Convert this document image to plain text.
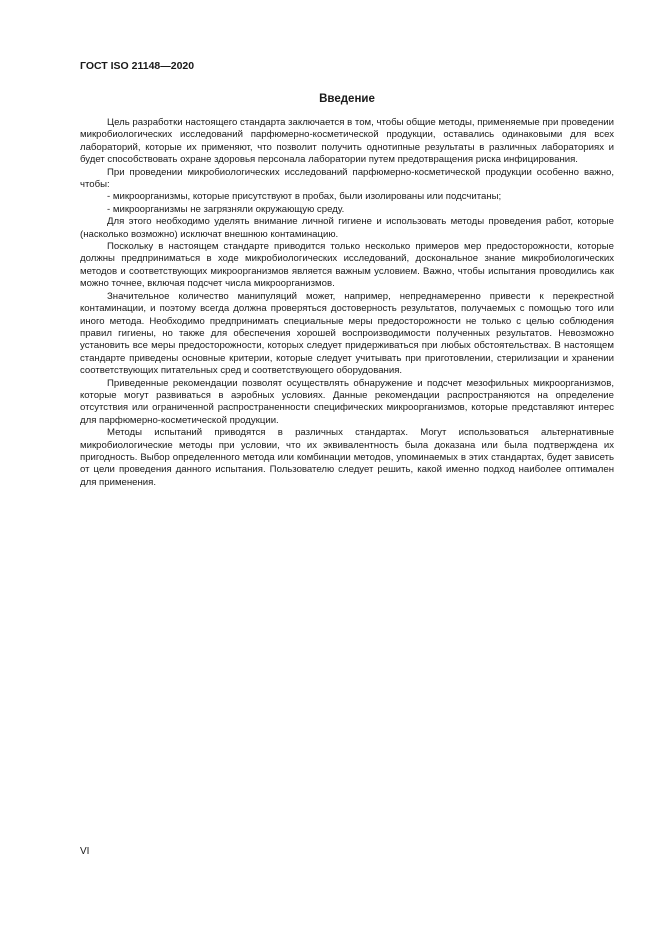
ГОСТ ISO 21148—2020
Введение

Цель разработки настоящего стандарта заключается в том, чтобы общие методы, применяемые при проведении микробиологических исследований парфюмерно-косметической продукции, оставались одинаковыми для всех лабораторий, которые их применяют, что позволит получить однотипные результаты в различных лабораториях и будет способствовать охране здоровья персонала лаборатории путем предотвращения риска инфицирования.

При проведении микробиологических исследований парфюмерно-косметической продукции особенно важно, чтобы:

- микроорганизмы, которые присутствуют в пробах, были изолированы или подсчитаны;

- микроорганизмы не загрязняли окружающую среду.

Для этого необходимо уделять внимание личной гигиене и использовать методы проведения работ, которые (насколько возможно) исключат внешнюю контаминацию.

Поскольку в настоящем стандарте приводится только несколько примеров мер предосторожности, которые должны предприниматься в ходе микробиологических исследований, доскональное знание микробиологических методов и соответствующих микроорганизмов является важным условием. Важно, чтобы испытания проводились как можно точнее, включая подсчет числа микроорганизмов.

Значительное количество манипуляций может, например, непреднамеренно привести к перекрестной контаминации, и поэтому всегда должна проверяться достоверность результатов, получаемых с помощью того или иного метода. Необходимо предпринимать специальные меры предосторожности не только с целью соблюдения правил гигиены, но также для обеспечения хорошей воспроизводимости полученных результатов. Невозможно установить все меры предосторожности, которых следует придерживаться при любых обстоятельствах. В настоящем стандарте приведены основные критерии, которые следует учитывать при приготовлении, стерилизации и хранении соответствующих питательных сред и соответствующего оборудования.

Приведенные рекомендации позволят осуществлять обнаружение и подсчет мезофильных микроорганизмов, которые могут развиваться в аэробных условиях. Данные рекомендации распространяются на определение отсутствия или ограниченной распространенности специфических микроорганизмов, которые представляют интерес для парфюмерно-косметической продукции.

Методы испытаний приводятся в различных стандартах. Могут использоваться альтернативные микробиологические методы при условии, что их эквивалентность была доказана или была подтверждена их пригодность. Выбор определенного метода или комбинации методов, упоминаемых в этих стандартах, будет зависеть от цели проведения данного испытания. Пользователю следует решить, какой именно подход наиболее оптимален для применения.

VI
